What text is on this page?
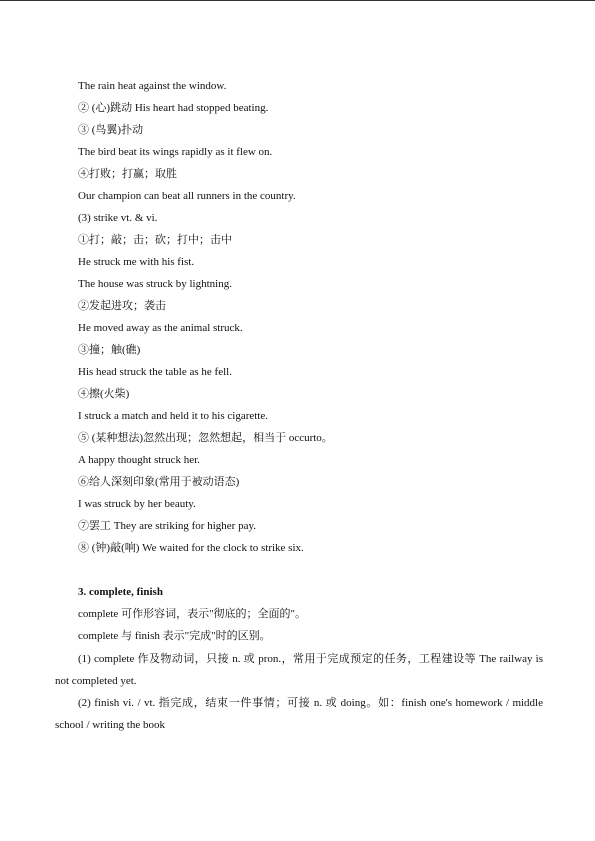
The rain heat against the window.
② (心)跳动 His heart had stopped beating.
③ (鸟翼)扑动
The bird beat its wings rapidly as it flew on.
④打败；打赢；取胜
Our champion can beat all runners in the country.
(3) strike vt. & vi.
①打；敲；击；砍；打中；击中
He struck me with his fist.
The house was struck by lightning.
②发起进攻；袭击
He moved away as the animal struck.
③撞；触(礁)
His head struck the table as he fell.
④擦(火柴)
I struck a match and held it to his cigarette.
⑤ (某种想法)忽然出现；忽然想起，相当于 occurto。
A happy thought struck her.
⑥给人深刻印象(常用于被动语态)
I was struck by her beauty.
⑦罢工 They are striking for higher pay.
⑧ (钟)敲(响) We waited for the clock to strike six.
3. complete, finish
complete 可作形容词，表示"彻底的；全面的"。
complete 与 finish 表示"完成"时的区别。
(1) complete 作及物动词，只接 n. 或 pron.，常用于完成预定的任务，工程建设等 The railway is not completed yet.
(2) finish vi. / vt. 指完成，结束一件事情；可接 n. 或 doing。如：finish one's homework / middle school / writing the book
